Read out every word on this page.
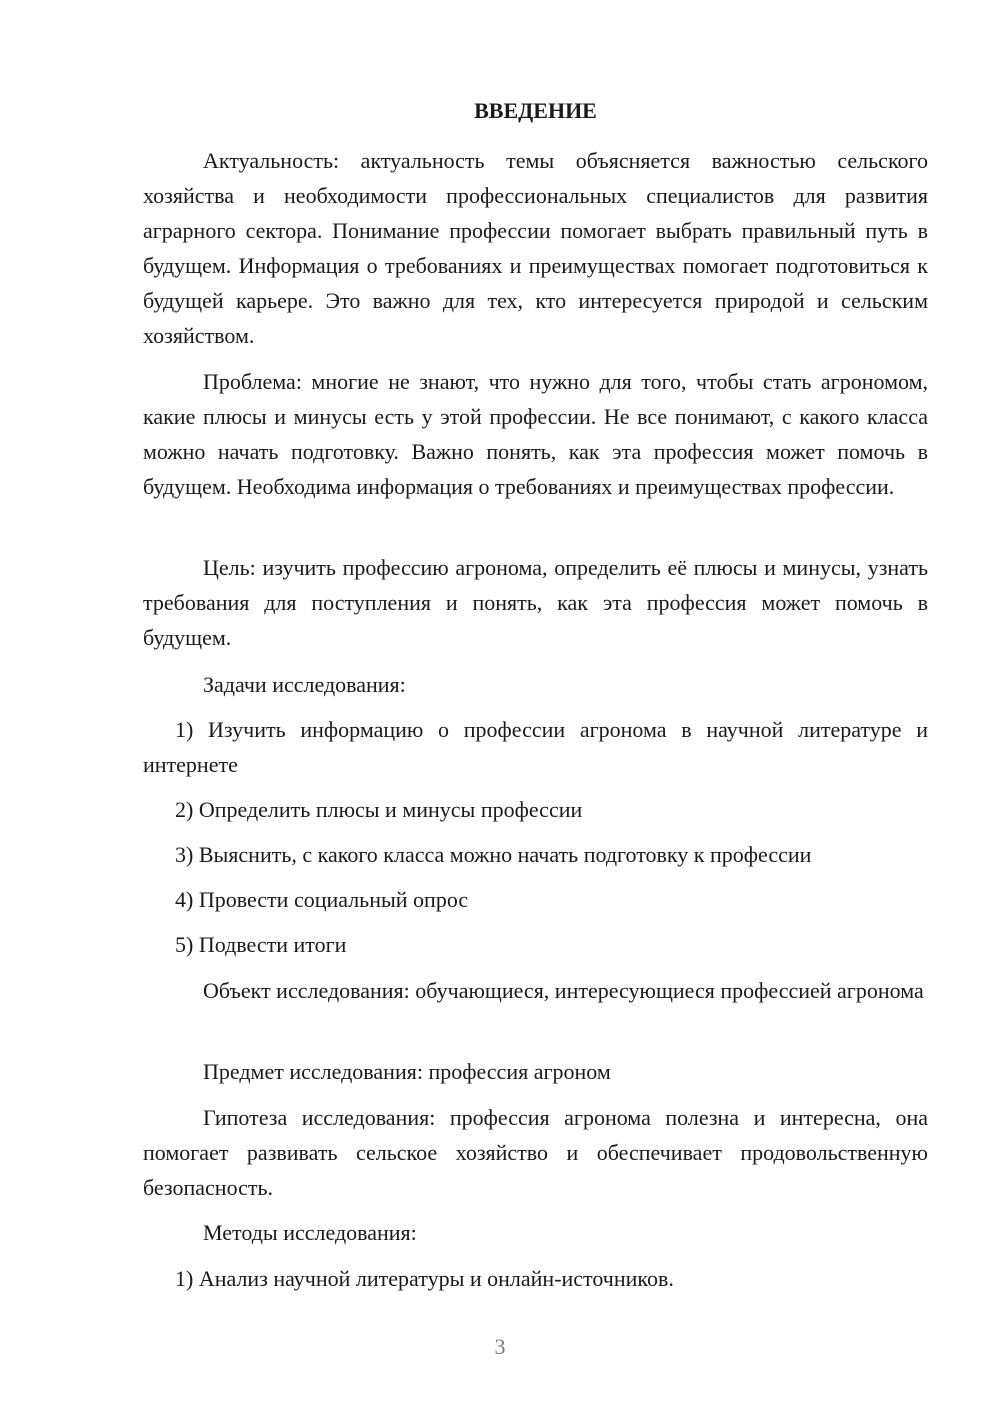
ВВЕДЕНИЕ

Актуальность: актуальность темы объясняется важностью сельского хозяйства и необходимости профессиональных специалистов для развития аграрного сектора. Понимание профессии помогает выбрать правильный путь в будущем. Информация о требованиях и преимуществах помогает подготовиться к будущей карьере. Это важно для тех, кто интересуется природой и сельским хозяйством.

Проблема: многие не знают, что нужно для того, чтобы стать агрономом, какие плюсы и минусы есть у этой профессии. Не все понимают, с какого класса можно начать подготовку. Важно понять, как эта профессия может помочь в будущем. Необходима информация о требованиях и преимуществах профессии.

Цель: изучить профессию агронома, определить её плюсы и минусы, узнать требования для поступления и понять, как эта профессия может помочь в будущем.

Задачи исследования:

1) Изучить информацию о профессии агронома в научной литературе и интернете

2) Определить плюсы и минусы профессии

3) Выяснить, с какого класса можно начать подготовку к профессии

4) Провести социальный опрос

5) Подвести итоги

Объект исследования: обучающиеся, интересующиеся профессией агронома

Предмет исследования: профессия агроном

Гипотеза исследования: профессия агронома полезна и интересна, она помогает развивать сельское хозяйство и обеспечивает продовольственную безопасность.

Методы исследования:

1) Анализ научной литературы и онлайн-источников.

3
